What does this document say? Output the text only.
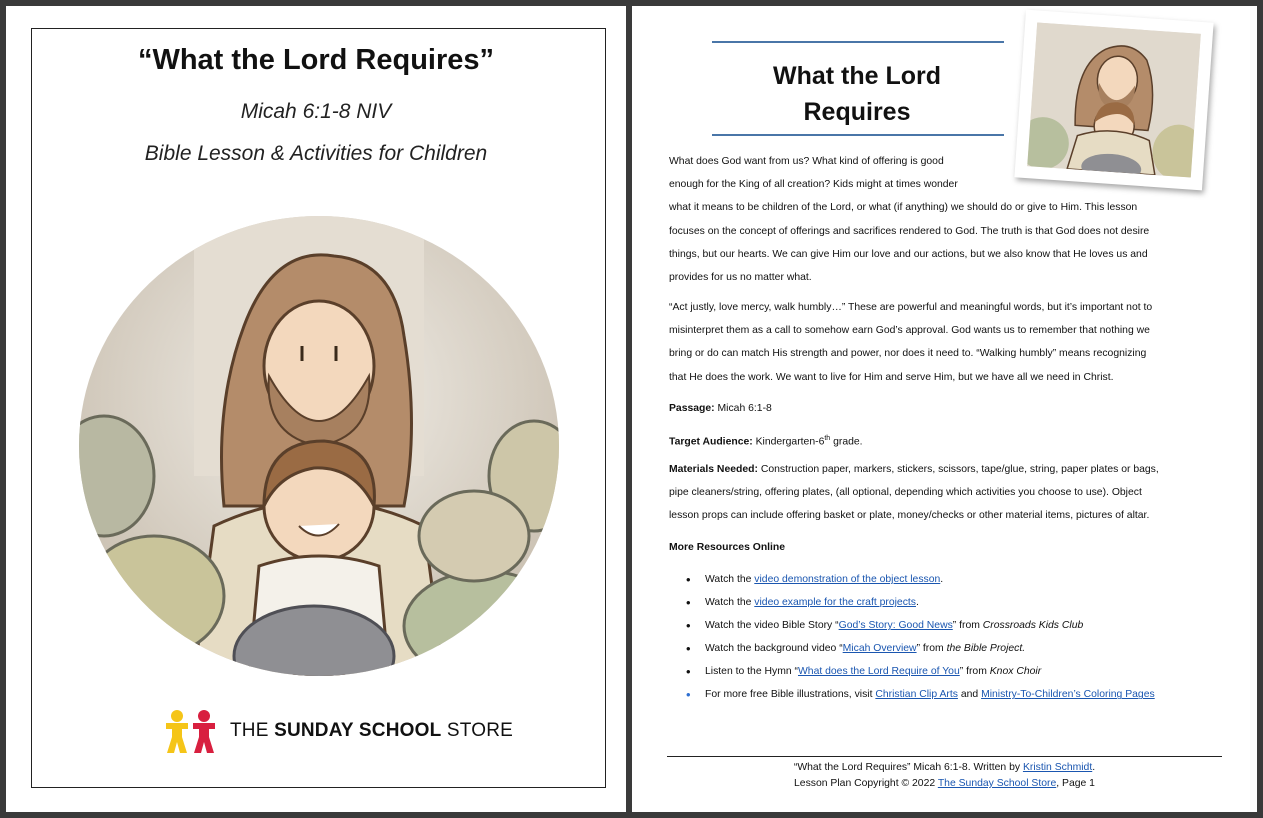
“What the Lord Requires”
Micah 6:1-8 NIV
Bible Lesson & Activities for Children
THE SUNDAY SCHOOL STORE
What the Lord
Requires

What does God want from us? What kind of offering is good

enough for the King of all creation? Kids might at times wonder

what it means to be children of the Lord, or what (if anything) we should do or give to Him. This lesson

focuses on the concept of offerings and sacrifices rendered to God. The truth is that God does not desire

things, but our hearts. We can give Him our love and our actions, but we also know that He loves us and

provides for us no matter what.

“Act justly, love mercy, walk humbly…” These are powerful and meaningful words, but it’s important not to

misinterpret them as a call to somehow earn God’s approval. God wants us to remember that nothing we

bring or do can match His strength and power, nor does it need to. “Walking humbly” means recognizing

that He does the work. We want to live for Him and serve Him, but we have all we need in Christ.

Passage: Micah 6:1-8
Target Audience: Kindergarten-6th grade.

Materials Needed: Construction paper, markers, stickers, scissors, tape/glue, string, paper plates or bags,

pipe cleaners/string, offering plates, (all optional, depending which activities you choose to use). Object

lesson props can include offering basket or plate, money/checks or other material items, pictures of altar.

More Resources Online
• Watch the video demonstration of the object lesson.
• Watch the video example for the craft projects.
• Watch the video Bible Story “God’s Story: Good News” from Crossroads Kids Club
• Watch the background video “Micah Overview” from the Bible Project.
• Listen to the Hymn “What does the Lord Require of You” from Knox Choir
• For more free Bible illustrations, visit Christian Clip Arts and Ministry-To-Children’s Coloring Pages
“What the Lord Requires” Micah 6:1-8. Written by Kristin Schmidt.
Lesson Plan Copyright © 2022 The Sunday School Store, Page 1
